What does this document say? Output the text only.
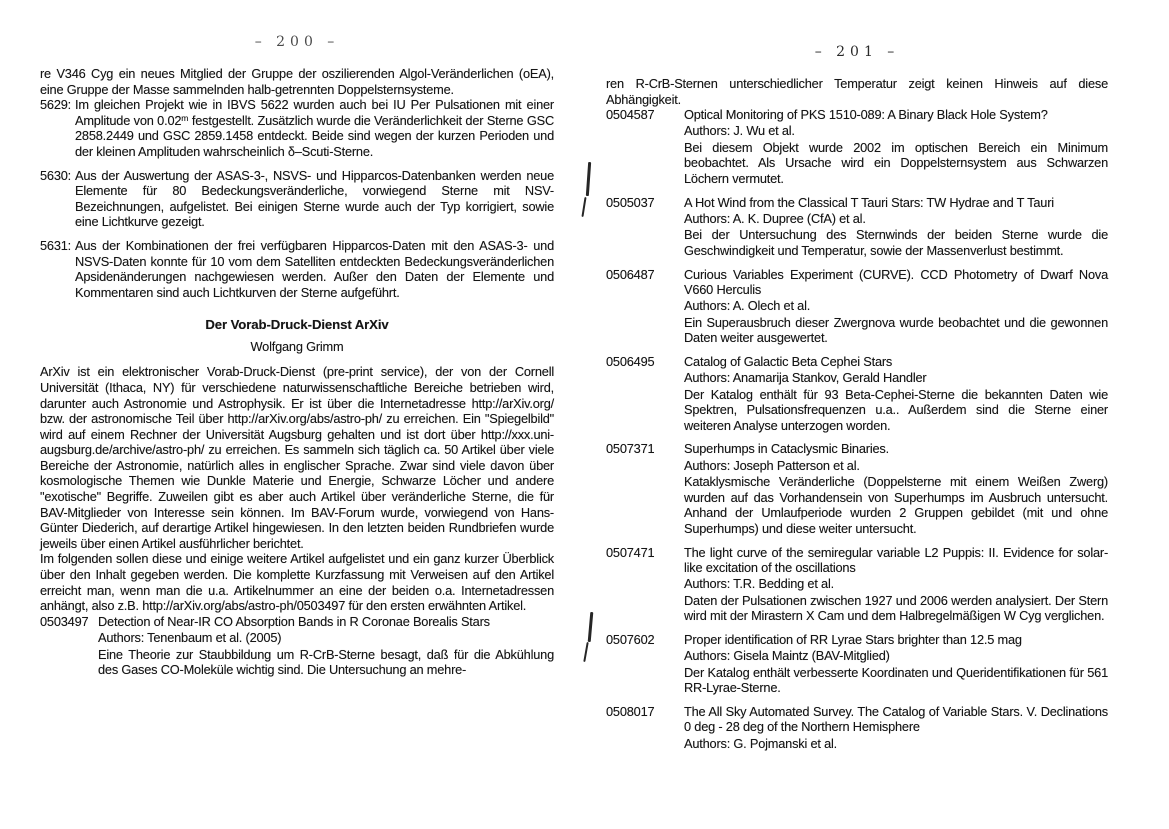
– 200 –

re V346 Cyg ein neues Mitglied der Gruppe der oszilierenden Algol-Veränderlichen (oEA), eine Gruppe der Masse sammelnden halb-getrennten Doppelsternsysteme.

5629: Im gleichen Projekt wie in IBVS 5622 wurden auch bei IU Per Pulsationen mit einer Amplitude von 0.02$^m$ festgestellt. Zusätzlich wurde die Veränderlichkeit der Sterne GSC 2858.2449 und GSC 2859.1458 entdeckt. Beide sind wegen der kurzen Perioden und der kleinen Amplituden wahrscheinlich δ–Scuti-Sterne.

5630: Aus der Auswertung der ASAS-3-, NSVS- und Hipparcos-Datenbanken werden neue Elemente für 80 Bedeckungsveränderliche, vorwiegend Sterne mit NSV-Bezeichnungen, aufgelistet. Bei einigen Sterne wurde auch der Typ korrigiert, sowie eine Lichtkurve gezeigt.

5631: Aus der Kombinationen der frei verfügbaren Hipparcos-Daten mit den ASAS-3- und NSVS-Daten konnte für 10 vom dem Satelliten entdeckten Bedeckungsveränderlichen Apsidenänderungen nachgewiesen werden. Außer den Daten der Elemente und Kommentaren sind auch Lichtkurven der Sterne aufgeführt.

Der Vorab-Druck-Dienst ArXiv
Wolfgang Grimm

ArXiv ist ein elektronischer Vorab-Druck-Dienst (pre-print service), der von der Cornell Universität (Ithaca, NY) für verschiedene naturwissenschaftliche Bereiche betrieben wird, darunter auch Astronomie und Astrophysik. Er ist über die Internetadresse http://arXiv.org/ bzw. der astronomische Teil über http://arXiv.org/abs/astro-ph/ zu erreichen. Ein "Spiegelbild" wird auf einem Rechner der Universität Augsburg gehalten und ist dort über http://xxx.uni-augsburg.de/archive/astro-ph/ zu erreichen. Es sammeln sich täglich ca. 50 Artikel über viele Bereiche der Astronomie, natürlich alles in englischer Sprache. Zwar sind viele davon über kosmologische Themen wie Dunkle Materie und Energie, Schwarze Löcher und andere "exotische" Begriffe. Zuweilen gibt es aber auch Artikel über veränderliche Sterne, die für BAV-Mitglieder von Interesse sein können. Im BAV-Forum wurde, vorwiegend von Hans-Günter Diederich, auf derartige Artikel hingewiesen. In den letzten beiden Rundbriefen wurde jeweils über einen Artikel ausführlicher berichtet.

Im folgenden sollen diese und einige weitere Artikel aufgelistet und ein ganz kurzer Überblick über den Inhalt gegeben werden. Die komplette Kurzfassung mit Verweisen auf den Artikel erreicht man, wenn man die u.a. Artikelnummer an eine der beiden o.a. Internetadressen anhängt, also z.B. http://arXiv.org/abs/astro-ph/0503497 für den ersten erwähnten Artikel.

0503497 Detection of Near-IR CO Absorption Bands in R Coronae Borealis Stars

Authors: Tenenbaum et al. (2005)

Eine Theorie zur Staubbildung um R-CrB-Sterne besagt, daß für die Abkühlung des Gases CO-Moleküle wichtig sind. Die Untersuchung an mehre-

– 201 –

ren R-CrB-Sternen unterschiedlicher Temperatur zeigt keinen Hinweis auf diese Abhängigkeit.

0504587 Optical Monitoring of PKS 1510-089: A Binary Black Hole System?

Authors: J. Wu et al.

Bei diesem Objekt wurde 2002 im optischen Bereich ein Minimum beobachtet. Als Ursache wird ein Doppelsternsystem aus Schwarzen Löchern vermutet.

0505037 A Hot Wind from the Classical T Tauri Stars: TW Hydrae and T Tauri

Authors: A. K. Dupree (CfA) et al.

Bei der Untersuchung des Sternwinds der beiden Sterne wurde die Geschwindigkeit und Temperatur, sowie der Massenverlust bestimmt.

0506487 Curious Variables Experiment (CURVE). CCD Photometry of Dwarf Nova V660 Herculis

Authors: A. Olech et al.

Ein Superausbruch dieser Zwergnova wurde beobachtet und die gewonnen Daten weiter ausgewertet.

0506495 Catalog of Galactic Beta Cephei Stars

Authors: Anamarija Stankov, Gerald Handler

Der Katalog enthält für 93 Beta-Cephei-Sterne die bekannten Daten wie Spektren, Pulsationsfrequenzen u.a.. Außerdem sind die Sterne einer weiteren Analyse unterzogen worden.

0507371 Superhumps in Cataclysmic Binaries.

Authors: Joseph Patterson et al.

Kataklysmische Veränderliche (Doppelsterne mit einem Weißen Zwerg) wurden auf das Vorhandensein von Superhumps im Ausbruch untersucht. Anhand der Umlaufperiode wurden 2 Gruppen gebildet (mit und ohne Superhumps) und diese weiter untersucht.

0507471 The light curve of the semiregular variable L2 Puppis: II. Evidence for solar-like excitation of the oscillations

Authors: T.R. Bedding et al.

Daten der Pulsationen zwischen 1927 und 2006 werden analysiert. Der Stern wird mit der Mirastern X Cam und dem Halbregelmäßigen W Cyg verglichen.

0507602 Proper identification of RR Lyrae Stars brighter than 12.5 mag

Authors: Gisela Maintz (BAV-Mitglied)

Der Katalog enthält verbesserte Koordinaten und Queridentifikationen für 561 RR-Lyrae-Sterne.

0508017 The All Sky Automated Survey. The Catalog of Variable Stars. V. Declinations 0 deg - 28 deg of the Northern Hemisphere

Authors: G. Pojmanski et al.
